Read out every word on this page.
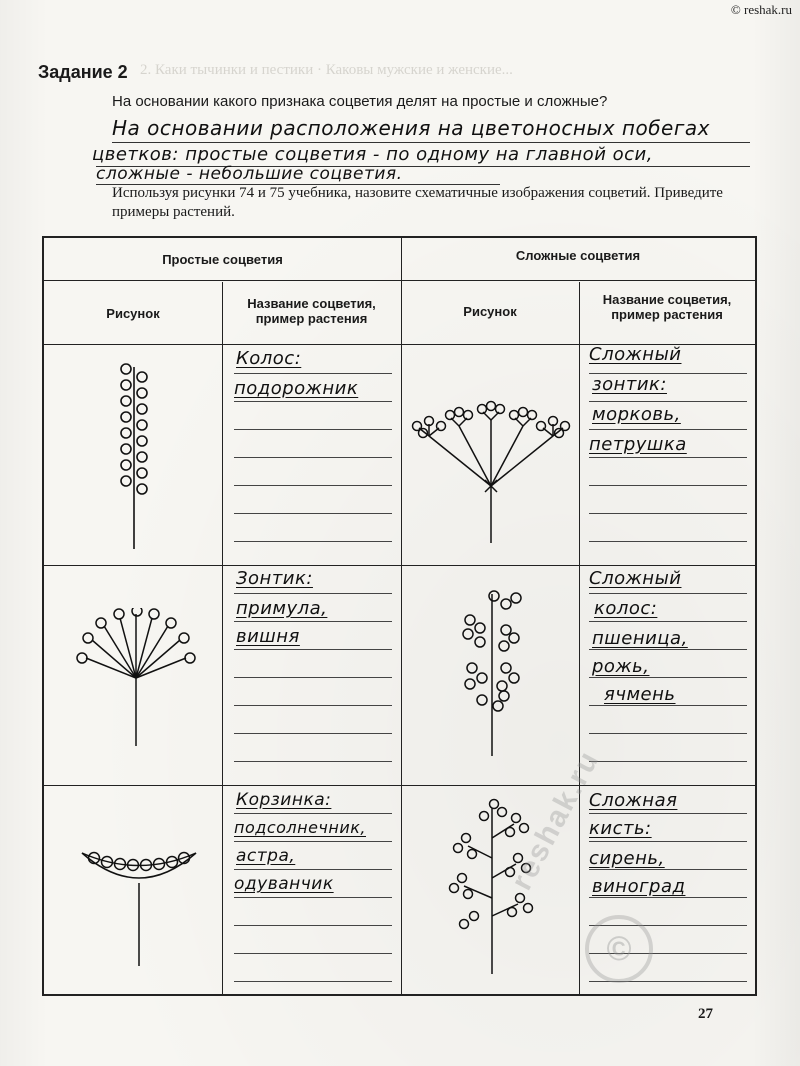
© reshak.ru
2. Каки тычинки и пестики · Каковы мужские и женские...
Задание 2
На основании какого признака соцветия делят на простые и сложные?
На основании расположения на цветоносных побегах
цветков: простые соцветия - по одному на главной оси,
сложные - небольшие соцветия.
Используя рисунки 74 и 75 учебника, назовите схематичные изображения соцветий. Приведите примеры растений.
Простые соцветия	Сложные соцветия
Рисунок
Название соцветия,
пример растения	Рисунок
Название соцветия,
пример растения
Колос:
подорожник
Зонтик:
примула,
вишня
Корзинка:
подсолнечник,
астра,
одуванчик
Сложный
зонтик:
морковь,
петрушка
Сложный
колос:
пшеница,
рожь,
ячмень
Сложная
кисть:
сирень,
виноград
reshak.ru
©
27
